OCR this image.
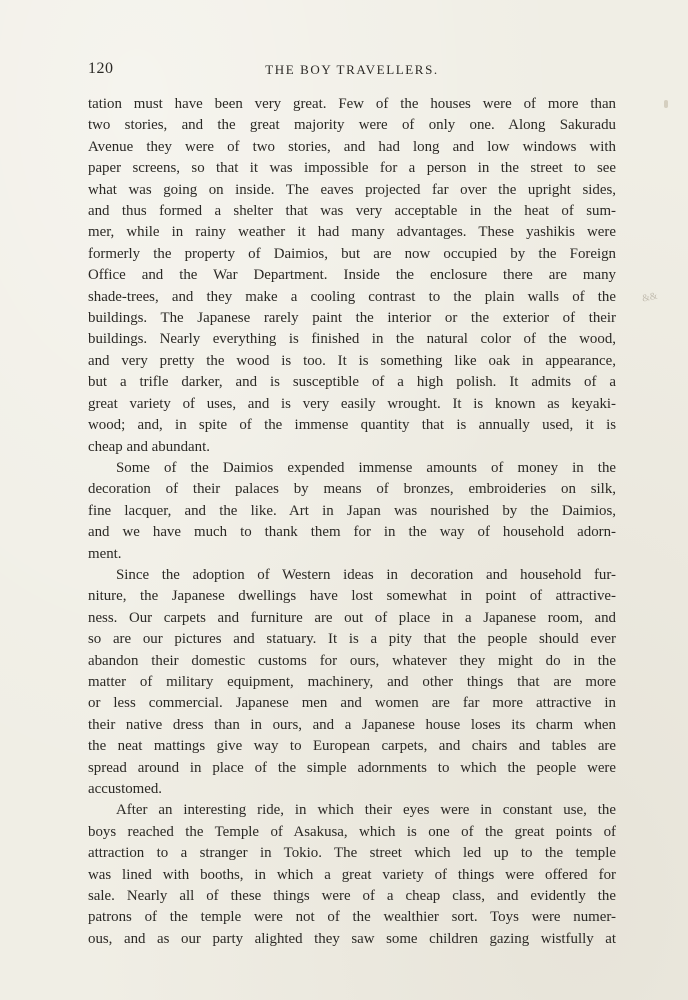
120	THE BOY TRAVELLERS.

tation must have been very great. Few of the houses were of more than
two stories, and the great majority were of only one. Along Sakuradu
Avenue they were of two stories, and had long and low windows with
paper screens, so that it was impossible for a person in the street to see
what was going on inside. The eaves projected far over the upright sides,
and thus formed a shelter that was very acceptable in the heat of sum-
mer, while in rainy weather it had many advantages. These yashikis were
formerly the property of Daimios, but are now occupied by the Foreign
Office and the War Department. Inside the enclosure there are many
shade-trees, and they make a cooling contrast to the plain walls of the
buildings. The Japanese rarely paint the interior or the exterior of their
buildings. Nearly everything is finished in the natural color of the wood,
and very pretty the wood is too. It is something like oak in appearance,
but a trifle darker, and is susceptible of a high polish. It admits of a
great variety of uses, and is very easily wrought. It is known as keyaki-
wood; and, in spite of the immense quantity that is annually used, it is
cheap and abundant.

Some of the Daimios expended immense amounts of money in the
decoration of their palaces by means of bronzes, embroideries on silk,
fine lacquer, and the like. Art in Japan was nourished by the Daimios,
and we have much to thank them for in the way of household adorn-
ment.

Since the adoption of Western ideas in decoration and household fur-
niture, the Japanese dwellings have lost somewhat in point of attractive-
ness. Our carpets and furniture are out of place in a Japanese room, and
so are our pictures and statuary. It is a pity that the people should ever
abandon their domestic customs for ours, whatever they might do in the
matter of military equipment, machinery, and other things that are more
or less commercial. Japanese men and women are far more attractive in
their native dress than in ours, and a Japanese house loses its charm when
the neat mattings give way to European carpets, and chairs and tables are
spread around in place of the simple adornments to which the people were
accustomed.

After an interesting ride, in which their eyes were in constant use, the
boys reached the Temple of Asakusa, which is one of the great points of
attraction to a stranger in Tokio. The street which led up to the temple
was lined with booths, in which a great variety of things were offered for
sale. Nearly all of these things were of a cheap class, and evidently the
patrons of the temple were not of the wealthier sort. Toys were numer-
ous, and as our party alighted they saw some children gazing wistfully at

&&
